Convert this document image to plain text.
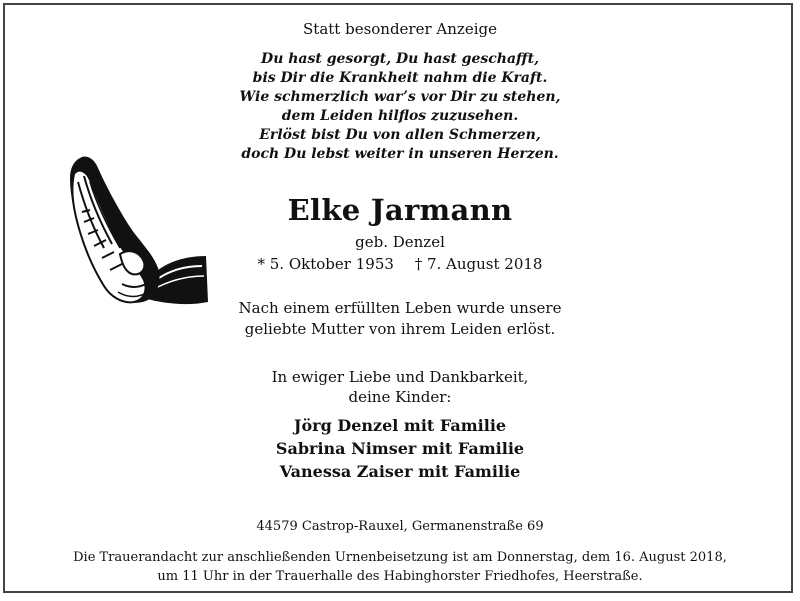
Statt besonderer Anzeige
Du hast gesorgt, Du hast geschafft,
bis Dir die Krankheit nahm die Kraft.
Wie schmerzlich war’s vor Dir zu stehen,
dem Leiden hilflos zuzusehen.
Erlöst bist Du von allen Schmerzen,
doch Du lebst weiter in unseren Herzen.
Elke Jarmann
geb. Denzel
* 5. Oktober 1953 † 7. August 2018
Nach einem erfüllten Leben wurde unsere
geliebte Mutter von ihrem Leiden erlöst.
In ewiger Liebe und Dankbarkeit,
deine Kinder:
Jörg Denzel mit Familie
Sabrina Nimser mit Familie
Vanessa Zaiser mit Familie
44579 Castrop-Rauxel, Germanenstraße 69
Die Trauerandacht zur anschließenden Urnenbeisetzung ist am Donnerstag, dem 16. August 2018,
um 11 Uhr in der Trauerhalle des Habinghorster Friedhofes, Heerstraße.
